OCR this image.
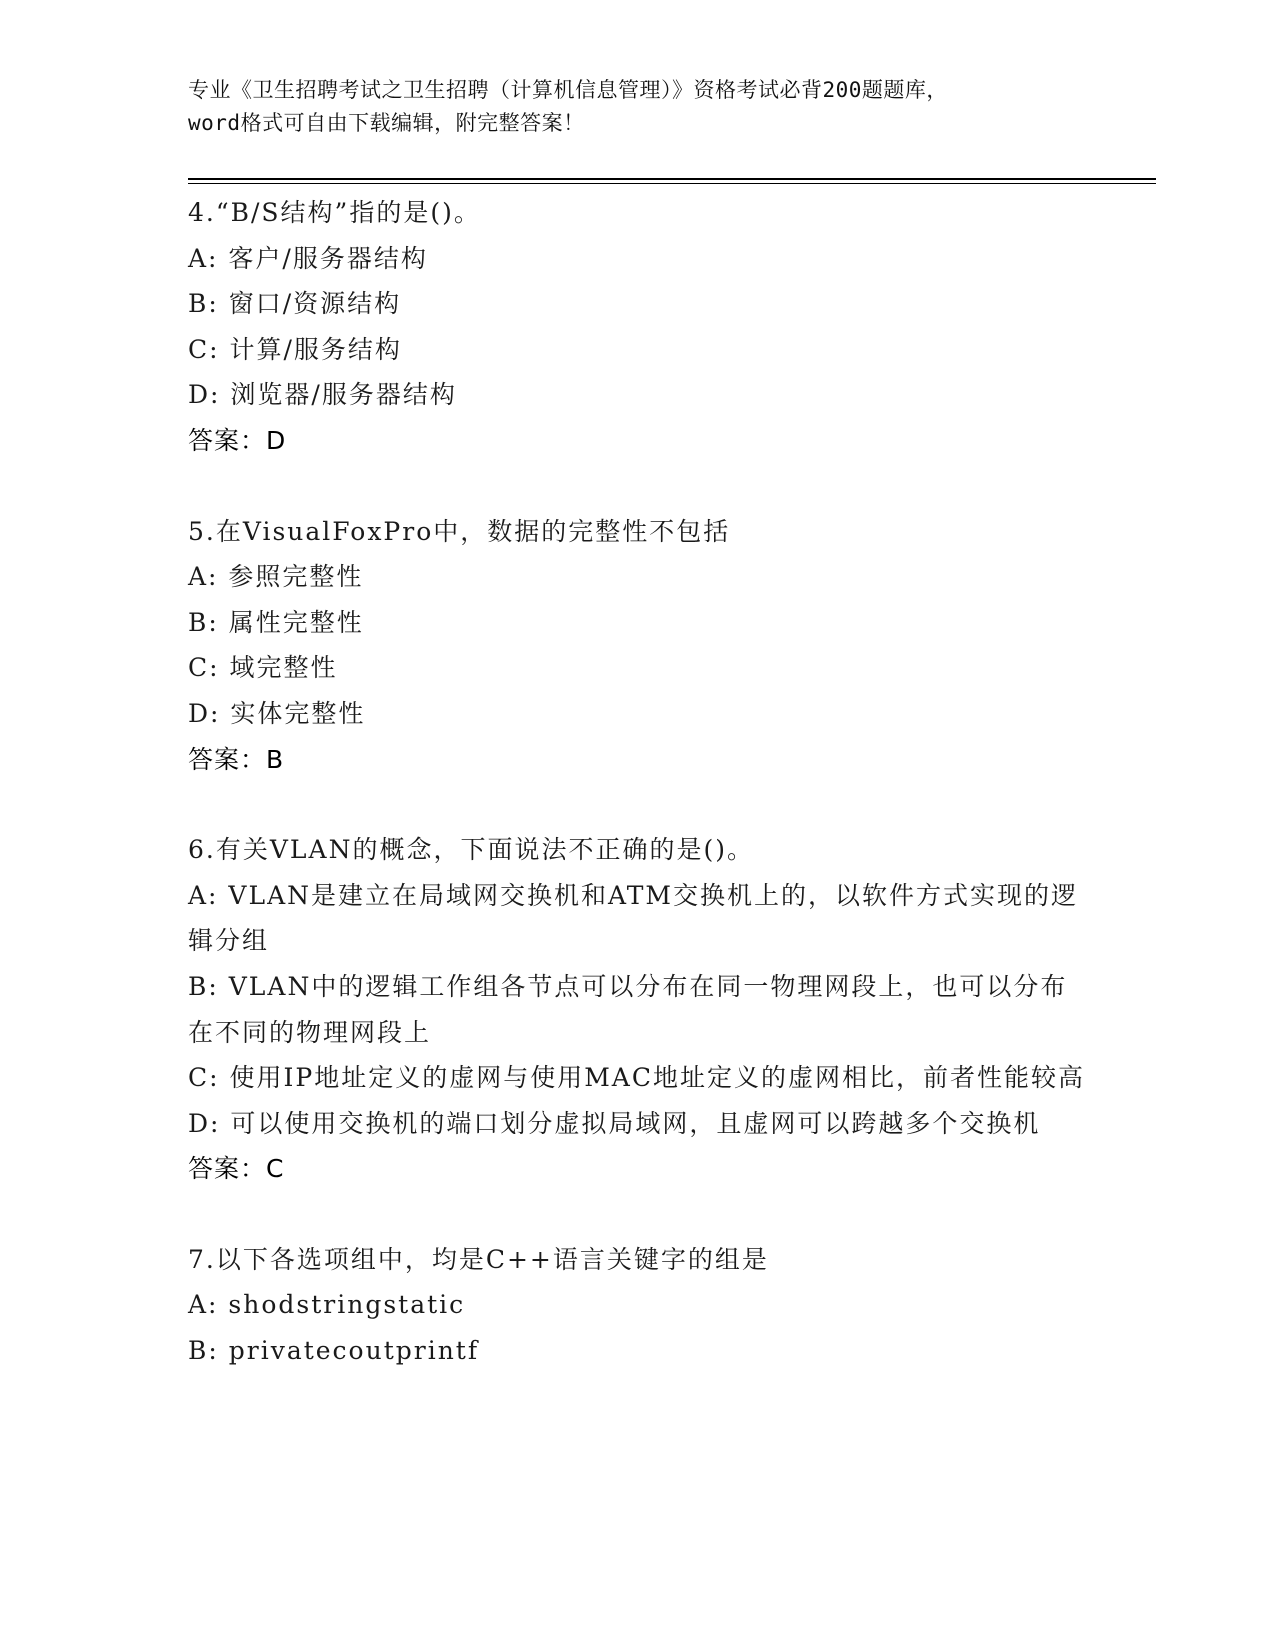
专业《卫生招聘考试之卫生招聘（计算机信息管理）》资格考试必背200题题库，
word格式可自由下载编辑，附完整答案！
4.“B/S结构”指的是()。
A: 客户/服务器结构
B: 窗口/资源结构
C: 计算/服务结构
D: 浏览器/服务器结构
答案：D
5.在VisualFoxPro中，数据的完整性不包括
A: 参照完整性
B: 属性完整性
C: 域完整性
D: 实体完整性
答案：B
6.有关VLAN的概念，下面说法不正确的是()。
A: VLAN是建立在局域网交换机和ATM交换机上的，以软件方式实现的逻辑分组
B: VLAN中的逻辑工作组各节点可以分布在同一物理网段上，也可以分布在不同的物理网段上
C: 使用IP地址定义的虚网与使用MAC地址定义的虚网相比，前者性能较高
D: 可以使用交换机的端口划分虚拟局域网，且虚网可以跨越多个交换机
答案：C
7.以下各选项组中，均是C++语言关键字的组是
A: shodstringstatic
B: privatecoutprintf
